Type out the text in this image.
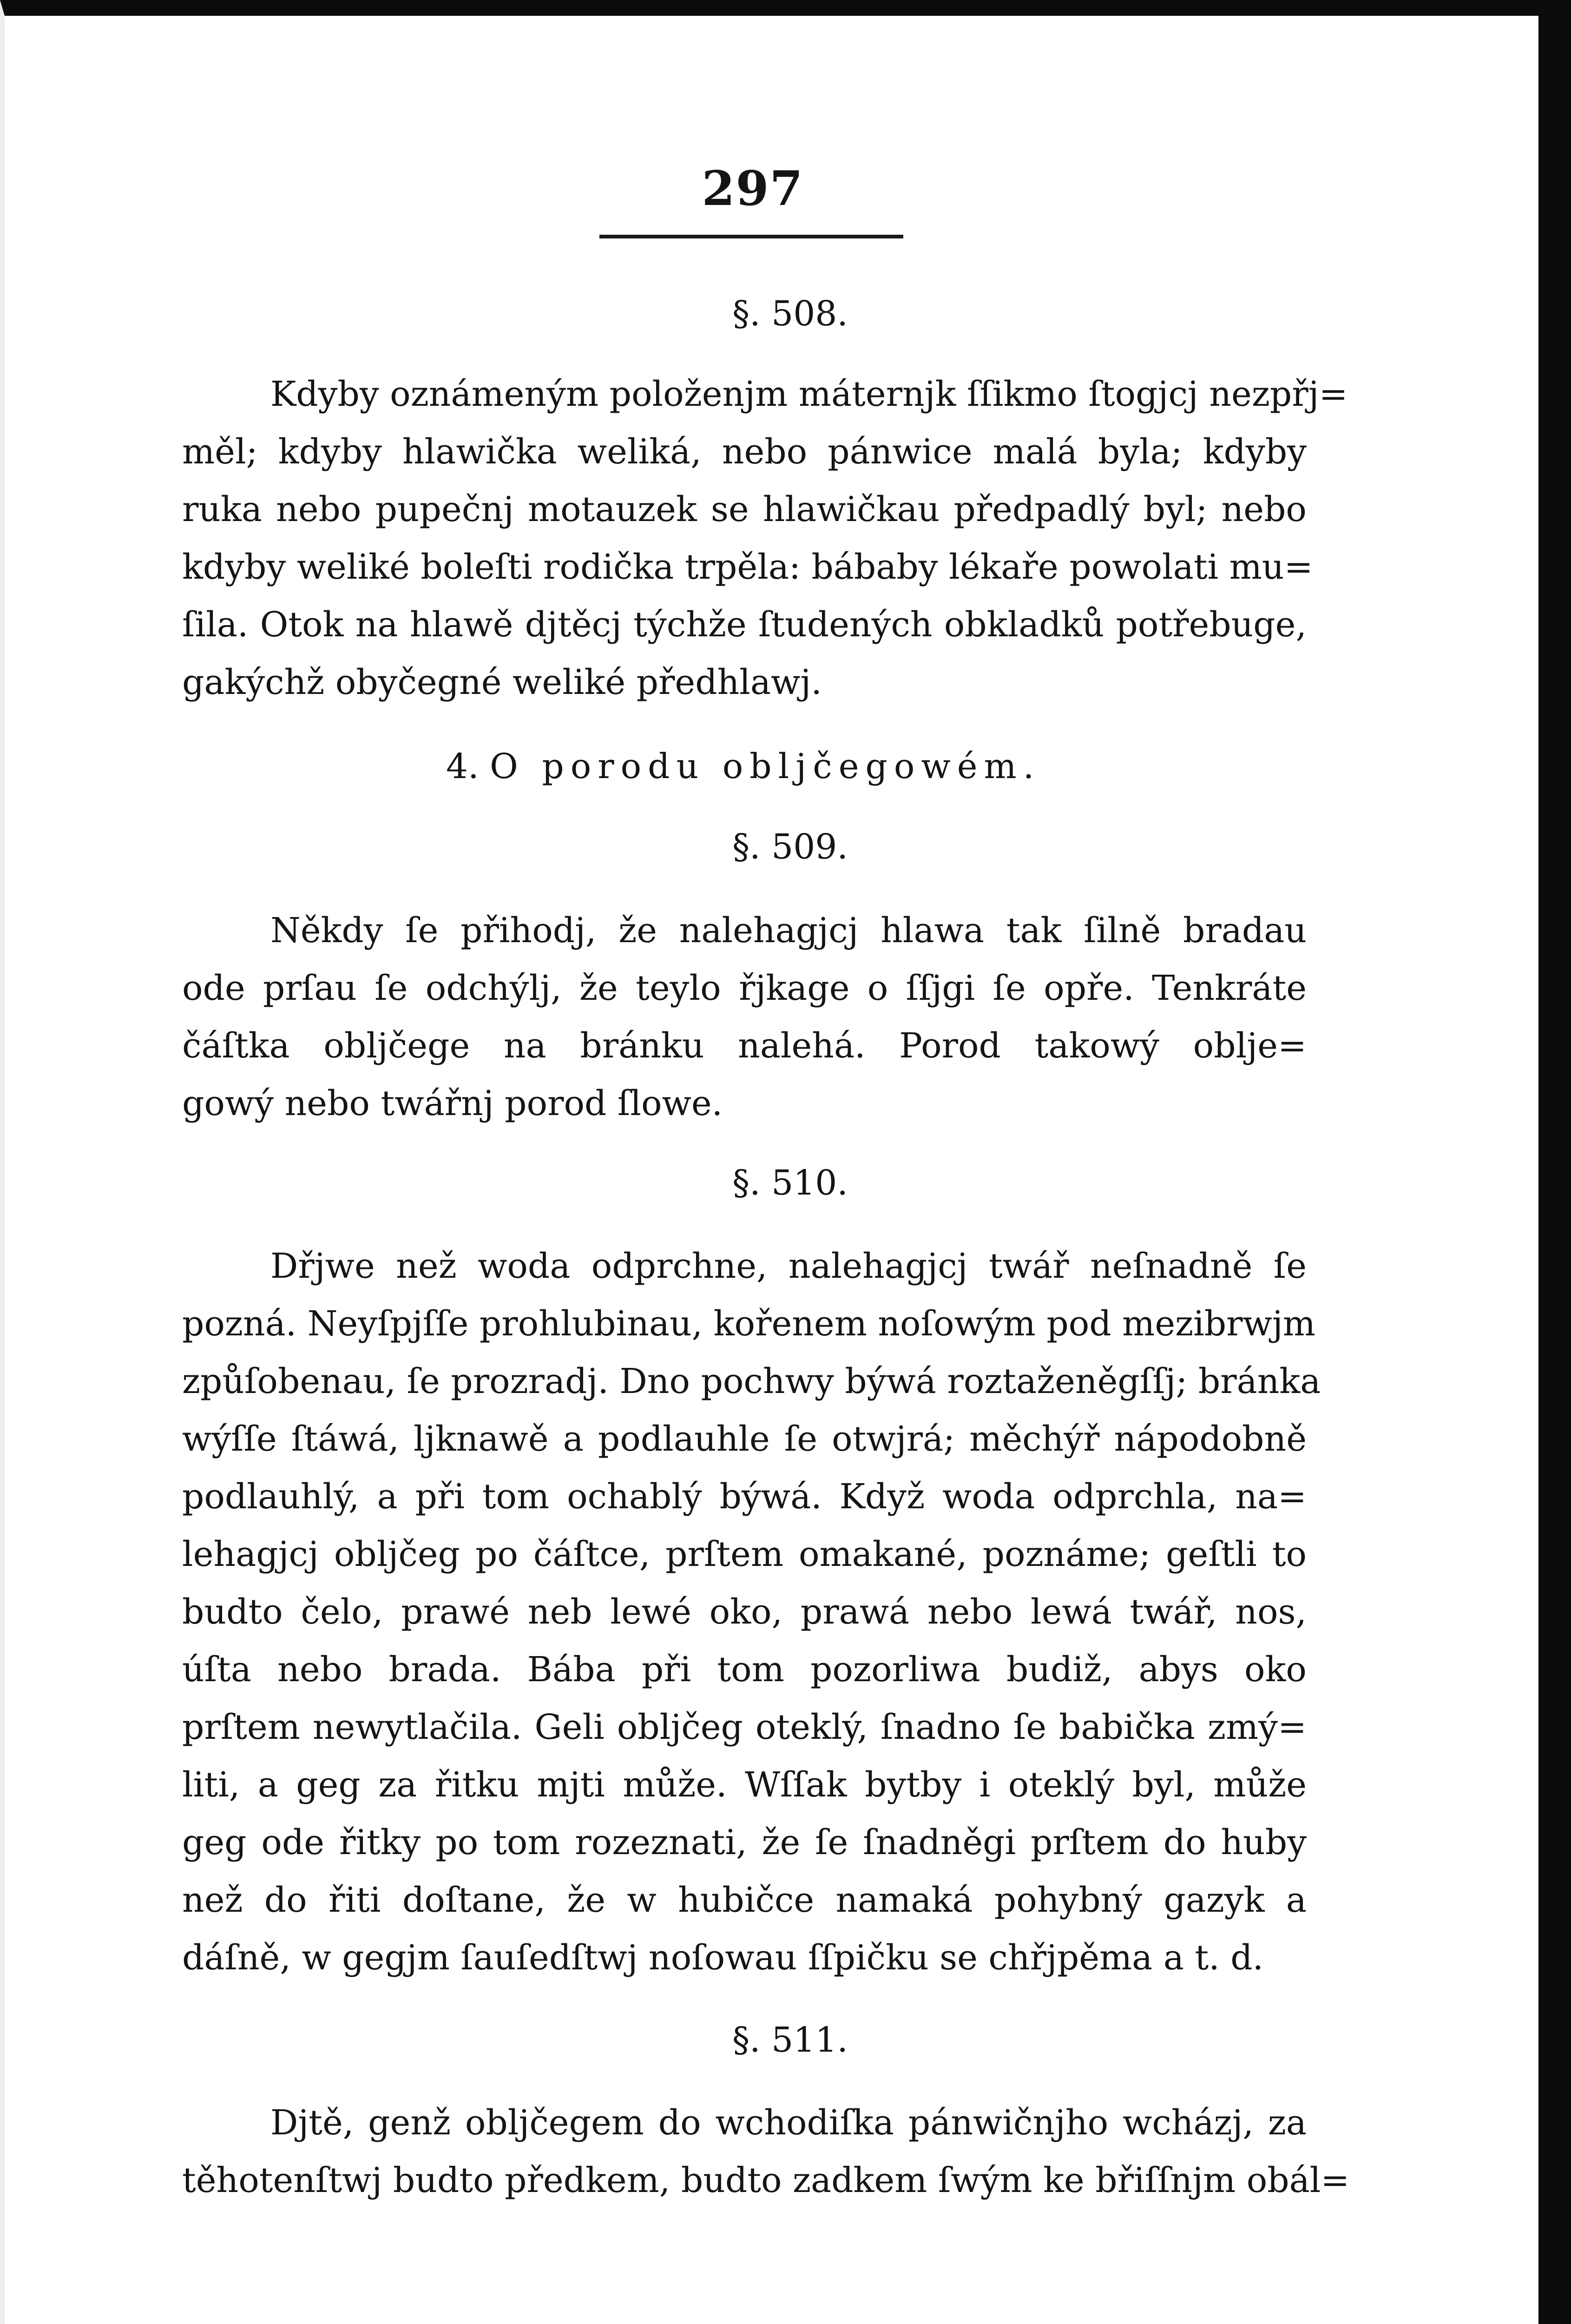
297
§. 508.
Kdyby oznámeným položenjm máternjk ſſikmo ſtogjcj nezpřj=
měl; kdyby hlawička weliká, nebo pánwice malá byla; kdyby
ruka nebo pupečnj motauzek se hlawičkau předpadlý byl; nebo
kdyby weliké boleſti rodička trpěla: bábaby lékaře powolati mu=
ſila. Otok na hlawě djtěcj týchže ſtudených obkladků potřebuge,
gakýchž obyčegné weliké předhlawj.
4. O porodu obljčegowém.
§. 509.
Někdy ſe přihodj, že nalehagjcj hlawa tak ſilně bradau
ode prſau ſe odchýlj, že teylo řjkage o ſſjgi ſe opře. Tenkráte
čáſtka obljčege na bránku nalehá. Porod takowý oblje=
gowý nebo twářnj porod ſlowe.
§. 510.
Dřjwe než woda odprchne, nalehagjcj twář neſnadně ſe
pozná. Neyſpjſſe prohlubinau, kořenem noſowým pod mezibrwjm
způſobenau, ſe prozradj. Dno pochwy býwá roztaženěgſſj; bránka
wýſſe ſtáwá, ljknawě a podlauhle ſe otwjrá; měchýř nápodobně
podlauhlý, a při tom ochablý býwá. Když woda odprchla, na=
lehagjcj obljčeg po čáſtce, prſtem omakané, poznáme; geſtli to
budto čelo, prawé neb lewé oko, prawá nebo lewá twář, nos,
úſta nebo brada. Bába při tom pozorliwa budiž, abys oko
prſtem newytlačila. Geli obljčeg oteklý, ſnadno ſe babička zmý=
liti, a geg za řitku mjti může. Wſſak bytby i oteklý byl, může
geg ode řitky po tom rozeznati, že ſe ſnadněgi prſtem do huby
než do řiti doſtane, že w hubičce namaká pohybný gazyk a
dáſně, w gegjm ſauſedſtwj noſowau ſſpičku se chřjpěma a t. d.
§. 511.
Djtě, genž obljčegem do wchodiſka pánwičnjho wcházj, za
těhotenſtwj budto předkem, budto zadkem ſwým ke břiſſnjm obál=
